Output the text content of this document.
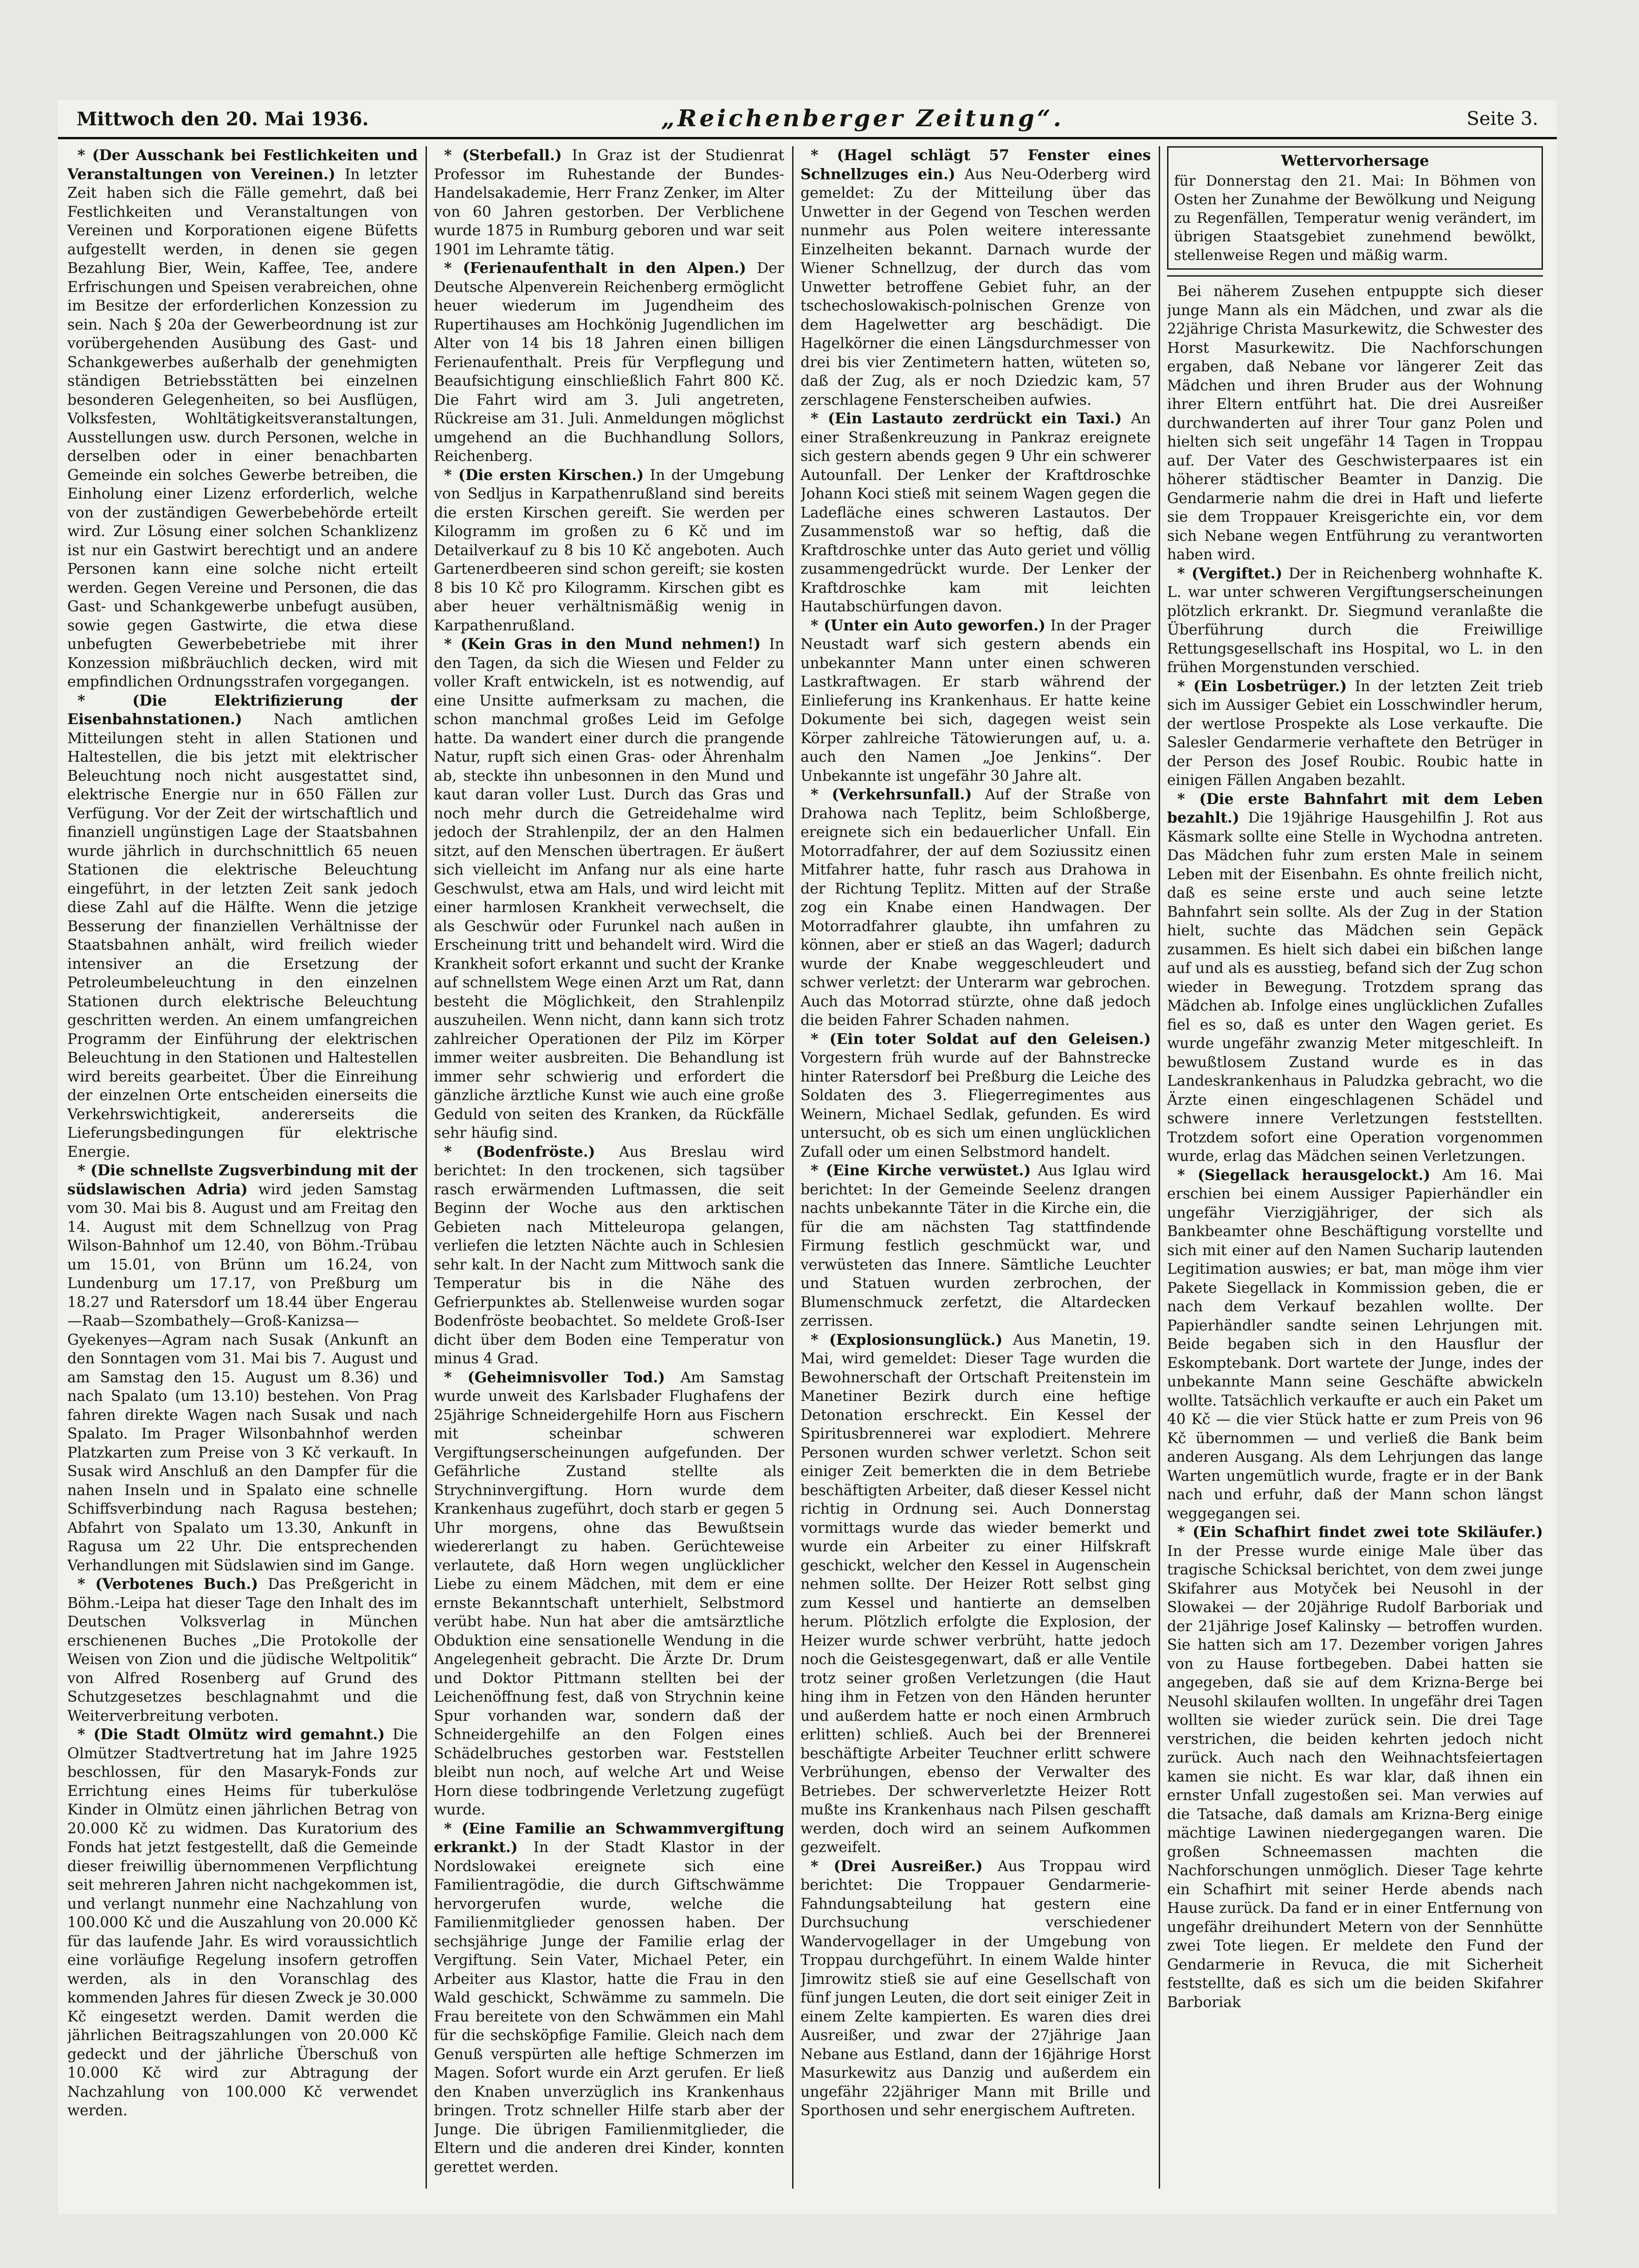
Mittwoch den 20. Mai 1936.	„Reichenberger Zeitung“.	Seite 3.

* (Der Ausschank bei Festlichkeiten und Veranstaltungen von Vereinen.) In letzter Zeit haben sich die Fälle gemehrt, daß bei Festlichkeiten und Veranstaltungen von Vereinen und Korporationen eigene Büfetts aufgestellt werden, in denen sie gegen Bezahlung Bier, Wein, Kaffee, Tee, andere Erfrischungen und Speisen verabreichen, ohne im Besitze der erforderlichen Konzession zu sein. Nach § 20a der Gewerbeordnung ist zur vorübergehenden Ausübung des Gast- und Schankgewerbes außerhalb der genehmigten ständigen Betriebsstätten bei einzelnen besonderen Gelegenheiten, so bei Ausflügen, Volksfesten, Wohltätigkeitsveranstaltungen, Ausstellungen usw. durch Personen, welche in derselben oder in einer benachbarten Gemeinde ein solches Gewerbe betreiben, die Einholung einer Lizenz erforderlich, welche von der zuständigen Gewerbebehörde erteilt wird. Zur Lösung einer solchen Schanklizenz ist nur ein Gastwirt berechtigt und an andere Personen kann eine solche nicht erteilt werden. Gegen Vereine und Personen, die das Gast- und Schankgewerbe unbefugt ausüben, sowie gegen Gastwirte, die etwa diese unbefugten Gewerbebetriebe mit ihrer Konzession mißbräuchlich decken, wird mit empfindlichen Ordnungsstrafen vorgegangen.

* (Die Elektrifizierung der Eisenbahnstationen.) Nach amtlichen Mitteilungen steht in allen Stationen und Haltestellen, die bis jetzt mit elektrischer Beleuchtung noch nicht ausgestattet sind, elektrische Energie nur in 650 Fällen zur Verfügung. Vor der Zeit der wirtschaftlich und finanziell ungünstigen Lage der Staatsbahnen wurde jährlich in durchschnittlich 65 neuen Stationen die elektrische Beleuchtung eingeführt, in der letzten Zeit sank jedoch diese Zahl auf die Hälfte. Wenn die jetzige Besserung der finanziellen Verhältnisse der Staatsbahnen anhält, wird freilich wieder intensiver an die Ersetzung der Petroleumbeleuchtung in den einzelnen Stationen durch elektrische Beleuchtung geschritten werden. An einem umfangreichen Programm der Einführung der elektrischen Beleuchtung in den Stationen und Haltestellen wird bereits gearbeitet. Über die Einreihung der einzelnen Orte entscheiden einerseits die Verkehrswichtigkeit, andererseits die Lieferungsbedingungen für elektrische Energie.

* (Die schnellste Zugsverbindung mit der südslawischen Adria) wird jeden Samstag vom 30. Mai bis 8. August und am Freitag den 14. August mit dem Schnellzug von Prag Wilson-Bahnhof um 12.40, von Böhm.-Trübau um 15.01, von Brünn um 16.24, von Lundenburg um 17.17, von Preßburg um 18.27 und Ratersdorf um 18.44 über Engerau—Raab—Szombathely—Groß-Kanizsa—Gyekenyes—Agram nach Susak (Ankunft an den Sonntagen vom 31. Mai bis 7. August und am Samstag den 15. August um 8.36) und nach Spalato (um 13.10) bestehen. Von Prag fahren direkte Wagen nach Susak und nach Spalato. Im Prager Wilsonbahnhof werden Platzkarten zum Preise von 3 Kč verkauft. In Susak wird Anschluß an den Dampfer für die nahen Inseln und in Spalato eine schnelle Schiffsverbindung nach Ragusa bestehen; Abfahrt von Spalato um 13.30, Ankunft in Ragusa um 22 Uhr. Die entsprechenden Verhandlungen mit Südslawien sind im Gange.

* (Verbotenes Buch.) Das Preßgericht in Böhm.-Leipa hat dieser Tage den Inhalt des im Deutschen Volksverlag in München erschienenen Buches „Die Protokolle der Weisen von Zion und die jüdische Weltpolitik“ von Alfred Rosenberg auf Grund des Schutzgesetzes beschlagnahmt und die Weiterverbreitung verboten.

* (Die Stadt Olmütz wird gemahnt.) Die Olmützer Stadtvertretung hat im Jahre 1925 beschlossen, für den Masaryk-Fonds zur Errichtung eines Heims für tuberkulöse Kinder in Olmütz einen jährlichen Betrag von 20.000 Kč zu widmen. Das Kuratorium des Fonds hat jetzt festgestellt, daß die Gemeinde dieser freiwillig übernommenen Verpflichtung seit mehreren Jahren nicht nachgekommen ist, und verlangt nunmehr eine Nachzahlung von 100.000 Kč und die Auszahlung von 20.000 Kč für das laufende Jahr. Es wird voraussichtlich eine vorläufige Regelung insofern getroffen werden, als in den Voranschlag des kommenden Jahres für diesen Zweck je 30.000 Kč eingesetzt werden. Damit werden die jährlichen Beitragszahlungen von 20.000 Kč gedeckt und der jährliche Überschuß von 10.000 Kč wird zur Abtragung der Nachzahlung von 100.000 Kč verwendet werden.

* (Sterbefall.) In Graz ist der Studienrat Professor im Ruhestande der Bundes-Handelsakademie, Herr Franz Zenker, im Alter von 60 Jahren gestorben. Der Verblichene wurde 1875 in Rumburg geboren und war seit 1901 im Lehramte tätig.

* (Ferienaufenthalt in den Alpen.) Der Deutsche Alpenverein Reichenberg ermöglicht heuer wiederum im Jugendheim des Rupertihauses am Hochkönig Jugendlichen im Alter von 14 bis 18 Jahren einen billigen Ferienaufenthalt. Preis für Verpflegung und Beaufsichtigung einschließlich Fahrt 800 Kč. Die Fahrt wird am 3. Juli angetreten, Rückreise am 31. Juli. Anmeldungen möglichst umgehend an die Buchhandlung Sollors, Reichenberg.

* (Die ersten Kirschen.) In der Umgebung von Sedlјus in Karpathenrußland sind bereits die ersten Kirschen gereift. Sie werden per Kilogramm im großen zu 6 Kč und im Detailverkauf zu 8 bis 10 Kč angeboten. Auch Gartenerdbeeren sind schon gereift; sie kosten 8 bis 10 Kč pro Kilogramm. Kirschen gibt es aber heuer verhältnismäßig wenig in Karpathenrußland.

* (Kein Gras in den Mund nehmen!) In den Tagen, da sich die Wiesen und Felder zu voller Kraft entwickeln, ist es notwendig, auf eine Unsitte aufmerksam zu machen, die schon manchmal großes Leid im Gefolge hatte. Da wandert einer durch die prangende Natur, rupft sich einen Gras- oder Ährenhalm ab, steckte ihn unbesonnen in den Mund und kaut daran voller Lust. Durch das Gras und noch mehr durch die Getreidehalme wird jedoch der Strahlenpilz, der an den Halmen sitzt, auf den Menschen übertragen. Er äußert sich vielleicht im Anfang nur als eine harte Geschwulst, etwa am Hals, und wird leicht mit einer harmlosen Krankheit verwechselt, die als Geschwür oder Furunkel nach außen in Erscheinung tritt und behandelt wird. Wird die Krankheit sofort erkannt und sucht der Kranke auf schnellstem Wege einen Arzt um Rat, dann besteht die Möglichkeit, den Strahlenpilz auszuheilen. Wenn nicht, dann kann sich trotz zahlreicher Operationen der Pilz im Körper immer weiter ausbreiten. Die Behandlung ist immer sehr schwierig und erfordert die gänzliche ärztliche Kunst wie auch eine große Geduld von seiten des Kranken, da Rückfälle sehr häufig sind.

* (Bodenfröste.) Aus Breslau wird berichtet: In den trockenen, sich tagsüber rasch erwärmenden Luftmassen, die seit Beginn der Woche aus den arktischen Gebieten nach Mitteleuropa gelangen, verliefen die letzten Nächte auch in Schlesien sehr kalt. In der Nacht zum Mittwoch sank die Temperatur bis in die Nähe des Gefrierpunktes ab. Stellenweise wurden sogar Bodenfröste beobachtet. So meldete Groß-Iser dicht über dem Boden eine Temperatur von minus 4 Grad.

* (Geheimnisvoller Tod.) Am Samstag wurde unweit des Karlsbader Flughafens der 25jährige Schneidergehilfe Horn aus Fischern mit scheinbar schweren Vergiftungserscheinungen aufgefunden. Der Gefährliche Zustand stellte als Strychninvergiftung. Horn wurde dem Krankenhaus zugeführt, doch starb er gegen 5 Uhr morgens, ohne das Bewußtsein wiedererlangt zu haben. Gerüchteweise verlautete, daß Horn wegen unglücklicher Liebe zu einem Mädchen, mit dem er eine ernste Bekanntschaft unterhielt, Selbstmord verübt habe. Nun hat aber die amtsärztliche Obduktion eine sensationelle Wendung in die Angelegenheit gebracht. Die Ärzte Dr. Drum und Doktor Pittmann stellten bei der Leichenöffnung fest, daß von Strychnin keine Spur vorhanden war, sondern daß der Schneidergehilfe an den Folgen eines Schädelbruches gestorben war. Feststellen bleibt nun noch, auf welche Art und Weise Horn diese todbringende Verletzung zugefügt wurde.

* (Eine Familie an Schwammvergiftung erkrankt.) In der Stadt Klastor in der Nordslowakei ereignete sich eine Familientragödie, die durch Giftschwämme hervorgerufen wurde, welche die Familienmitglieder genossen haben. Der sechsjährige Junge der Familie erlag der Vergiftung. Sein Vater, Michael Peter, ein Arbeiter aus Klastor, hatte die Frau in den Wald geschickt, Schwämme zu sammeln. Die Frau bereitete von den Schwämmen ein Mahl für die sechsköpfige Familie. Gleich nach dem Genuß verspürten alle heftige Schmerzen im Magen. Sofort wurde ein Arzt gerufen. Er ließ den Knaben unverzüglich ins Krankenhaus bringen. Trotz schneller Hilfe starb aber der Junge. Die übrigen Familienmitglieder, die Eltern und die anderen drei Kinder, konnten gerettet werden.

* (Hagel schlägt 57 Fenster eines Schnellzuges ein.) Aus Neu-Oderberg wird gemeldet: Zu der Mitteilung über das Unwetter in der Gegend von Teschen werden nunmehr aus Polen weitere interessante Einzelheiten bekannt. Darnach wurde der Wiener Schnellzug, der durch das vom Unwetter betroffene Gebiet fuhr, an der tschechoslowakisch-polnischen Grenze von dem Hagelwetter arg beschädigt. Die Hagelkörner die einen Längsdurchmesser von drei bis vier Zentimetern hatten, wüteten so, daß der Zug, als er noch Dziedzic kam, 57 zerschlagene Fensterscheiben aufwies.

* (Ein Lastauto zerdrückt ein Taxi.) An einer Straßenkreuzung in Pankraz ereignete sich gestern abends gegen 9 Uhr ein schwerer Autounfall. Der Lenker der Kraftdroschke Johann Koci stieß mit seinem Wagen gegen die Ladefläche eines schweren Lastautos. Der Zusammenstoß war so heftig, daß die Kraftdroschke unter das Auto geriet und völlig zusammengedrückt wurde. Der Lenker der Kraftdroschke kam mit leichten Hautabschürfungen davon.

* (Unter ein Auto geworfen.) In der Prager Neustadt warf sich gestern abends ein unbekannter Mann unter einen schweren Lastkraftwagen. Er starb während der Einlieferung ins Krankenhaus. Er hatte keine Dokumente bei sich, dagegen weist sein Körper zahlreiche Tätowierungen auf, u. a. auch den Namen „Joe Jenkins“. Der Unbekannte ist ungefähr 30 Jahre alt.

* (Verkehrsunfall.) Auf der Straße von Drahowa nach Teplitz, beim Schloßberge, ereignete sich ein bedauerlicher Unfall. Ein Motorradfahrer, der auf dem Soziussitz einen Mitfahrer hatte, fuhr rasch aus Drahowa in der Richtung Teplitz. Mitten auf der Straße zog ein Knabe einen Handwagen. Der Motorradfahrer glaubte, ihn umfahren zu können, aber er stieß an das Wagerl; dadurch wurde der Knabe weggeschleudert und schwer verletzt: der Unterarm war gebrochen. Auch das Motorrad stürzte, ohne daß jedoch die beiden Fahrer Schaden nahmen.

* (Ein toter Soldat auf den Geleisen.) Vorgestern früh wurde auf der Bahnstrecke hinter Ratersdorf bei Preßburg die Leiche des Soldaten des 3. Fliegerregimentes aus Weinern, Michael Sedlak, gefunden. Es wird untersucht, ob es sich um einen unglücklichen Zufall oder um einen Selbstmord handelt.

* (Eine Kirche verwüstet.) Aus Iglau wird berichtet: In der Gemeinde Seelenz drangen nachts unbekannte Täter in die Kirche ein, die für die am nächsten Tag stattfindende Firmung festlich geschmückt war, und verwüsteten das Innere. Sämtliche Leuchter und Statuen wurden zerbrochen, der Blumenschmuck zerfetzt, die Altardecken zerrissen.

* (Explosionsunglück.) Aus Manetin, 19. Mai, wird gemeldet: Dieser Tage wurden die Bewohnerschaft der Ortschaft Preitenstein im Manetiner Bezirk durch eine heftige Detonation erschreckt. Ein Kessel der Spiritusbrennerei war explodiert. Mehrere Personen wurden schwer verletzt. Schon seit einiger Zeit bemerkten die in dem Betriebe beschäftigten Arbeiter, daß dieser Kessel nicht richtig in Ordnung sei. Auch Donnerstag vormittags wurde das wieder bemerkt und wurde ein Arbeiter zu einer Hilfskraft geschickt, welcher den Kessel in Augenschein nehmen sollte. Der Heizer Rott selbst ging zum Kessel und hantierte an demselben herum. Plötzlich erfolgte die Explosion, der Heizer wurde schwer verbrüht, hatte jedoch noch die Geistesgegenwart, daß er alle Ventile trotz seiner großen Verletzungen (die Haut hing ihm in Fetzen von den Händen herunter und außerdem hatte er noch einen Armbruch erlitten) schließ. Auch bei der Brennerei beschäftigte Arbeiter Teuchner erlitt schwere Verbrühungen, ebenso der Verwalter des Betriebes. Der schwerverletzte Heizer Rott mußte ins Krankenhaus nach Pilsen geschafft werden, doch wird an seinem Aufkommen gezweifelt.

* (Drei Ausreißer.) Aus Troppau wird berichtet: Die Troppauer Gendarmerie-Fahndungsabteilung hat gestern eine Durchsuchung verschiedener Wandervogellager in der Umgebung von Troppau durchgeführt. In einem Walde hinter Jimrowitz stieß sie auf eine Gesellschaft von fünf jungen Leuten, die dort seit einiger Zeit in einem Zelte kampierten. Es waren dies drei Ausreißer, und zwar der 27jährige Jaan Nebane aus Estland, dann der 16jährige Horst Masurkewitz aus Danzig und außerdem ein ungefähr 22jähriger Mann mit Brille und Sporthosen und sehr energischem Auftreten.

Wettervorhersage

für Donnerstag den 21. Mai: In Böhmen von Osten her Zunahme der Bewölkung und Neigung zu Regenfällen, Temperatur wenig verändert, im übrigen Staatsgebiet zunehmend bewölkt, stellenweise Regen und mäßig warm.

Bei näherem Zusehen entpuppte sich dieser junge Mann als ein Mädchen, und zwar als die 22jährige Christa Masurkewitz, die Schwester des Horst Masurkewitz. Die Nachforschungen ergaben, daß Nebane vor längerer Zeit das Mädchen und ihren Bruder aus der Wohnung ihrer Eltern entführt hat. Die drei Ausreißer durchwanderten auf ihrer Tour ganz Polen und hielten sich seit ungefähr 14 Tagen in Troppau auf. Der Vater des Geschwisterpaares ist ein höherer städtischer Beamter in Danzig. Die Gendarmerie nahm die drei in Haft und lieferte sie dem Troppauer Kreisgerichte ein, vor dem sich Nebane wegen Entführung zu verantworten haben wird.

* (Vergiftet.) Der in Reichenberg wohnhafte K. L. war unter schweren Vergiftungserscheinungen plötzlich erkrankt. Dr. Siegmund veranlaßte die Überführung durch die Freiwillige Rettungsgesellschaft ins Hospital, wo L. in den frühen Morgenstunden verschied.

* (Ein Losbetrüger.) In der letzten Zeit trieb sich im Aussiger Gebiet ein Losschwindler herum, der wertlose Prospekte als Lose verkaufte. Die Salesler Gendarmerie verhaftete den Betrüger in der Person des Josef Roubic. Roubic hatte in einigen Fällen Angaben bezahlt.

* (Die erste Bahnfahrt mit dem Leben bezahlt.) Die 19jährige Hausgehilfin J. Rot aus Käsmark sollte eine Stelle in Wychodna antreten. Das Mädchen fuhr zum ersten Male in seinem Leben mit der Eisenbahn. Es ohnte freilich nicht, daß es seine erste und auch seine letzte Bahnfahrt sein sollte. Als der Zug in der Station hielt, suchte das Mädchen sein Gepäck zusammen. Es hielt sich dabei ein bißchen lange auf und als es ausstieg, befand sich der Zug schon wieder in Bewegung. Trotzdem sprang das Mädchen ab. Infolge eines unglücklichen Zufalles fiel es so, daß es unter den Wagen geriet. Es wurde ungefähr zwanzig Meter mitgeschleift. In bewußtlosem Zustand wurde es in das Landeskrankenhaus in Paludzka gebracht, wo die Ärzte einen eingeschlagenen Schädel und schwere innere Verletzungen feststellten. Trotzdem sofort eine Operation vorgenommen wurde, erlag das Mädchen seinen Verletzungen.

* (Siegellack herausgelockt.) Am 16. Mai erschien bei einem Aussiger Papierhändler ein ungefähr Vierzigjähriger, der sich als Bankbeamter ohne Beschäftigung vorstellte und sich mit einer auf den Namen Sucharip lautenden Legitimation auswies; er bat, man möge ihm vier Pakete Siegellack in Kommission geben, die er nach dem Verkauf bezahlen wollte. Der Papierhändler sandte seinen Lehrjungen mit. Beide begaben sich in den Hausflur der Eskomptebank. Dort wartete der Junge, indes der unbekannte Mann seine Geschäfte abwickeln wollte. Tatsächlich verkaufte er auch ein Paket um 40 Kč — die vier Stück hatte er zum Preis von 96 Kč übernommen — und verließ die Bank beim anderen Ausgang. Als dem Lehrjungen das lange Warten ungemütlich wurde, fragte er in der Bank nach und erfuhr, daß der Mann schon längst weggegangen sei.

* (Ein Schafhirt findet zwei tote Skiläufer.) In der Presse wurde einige Male über das tragische Schicksal berichtet, von dem zwei junge Skifahrer aus Motyček bei Neusohl in der Slowakei — der 20jährige Rudolf Barboriak und der 21jährige Josef Kalinsky — betroffen wurden. Sie hatten sich am 17. Dezember vorigen Jahres von zu Hause fortbegeben. Dabei hatten sie angegeben, daß sie auf dem Krizna-Berge bei Neusohl skilaufen wollten. In ungefähr drei Tagen wollten sie wieder zurück sein. Die drei Tage verstrichen, die beiden kehrten jedoch nicht zurück. Auch nach den Weihnachtsfeiertagen kamen sie nicht. Es war klar, daß ihnen ein ernster Unfall zugestoßen sei. Man verwies auf die Tatsache, daß damals am Krizna-Berg einige mächtige Lawinen niedergegangen waren. Die großen Schneemassen machten die Nachforschungen unmöglich. Dieser Tage kehrte ein Schafhirt mit seiner Herde abends nach Hause zurück. Da fand er in einer Entfernung von ungefähr dreihundert Metern von der Sennhütte zwei Tote liegen. Er meldete den Fund der Gendarmerie in Revuca, die mit Sicherheit feststellte, daß es sich um die beiden Skifahrer Barboriak
